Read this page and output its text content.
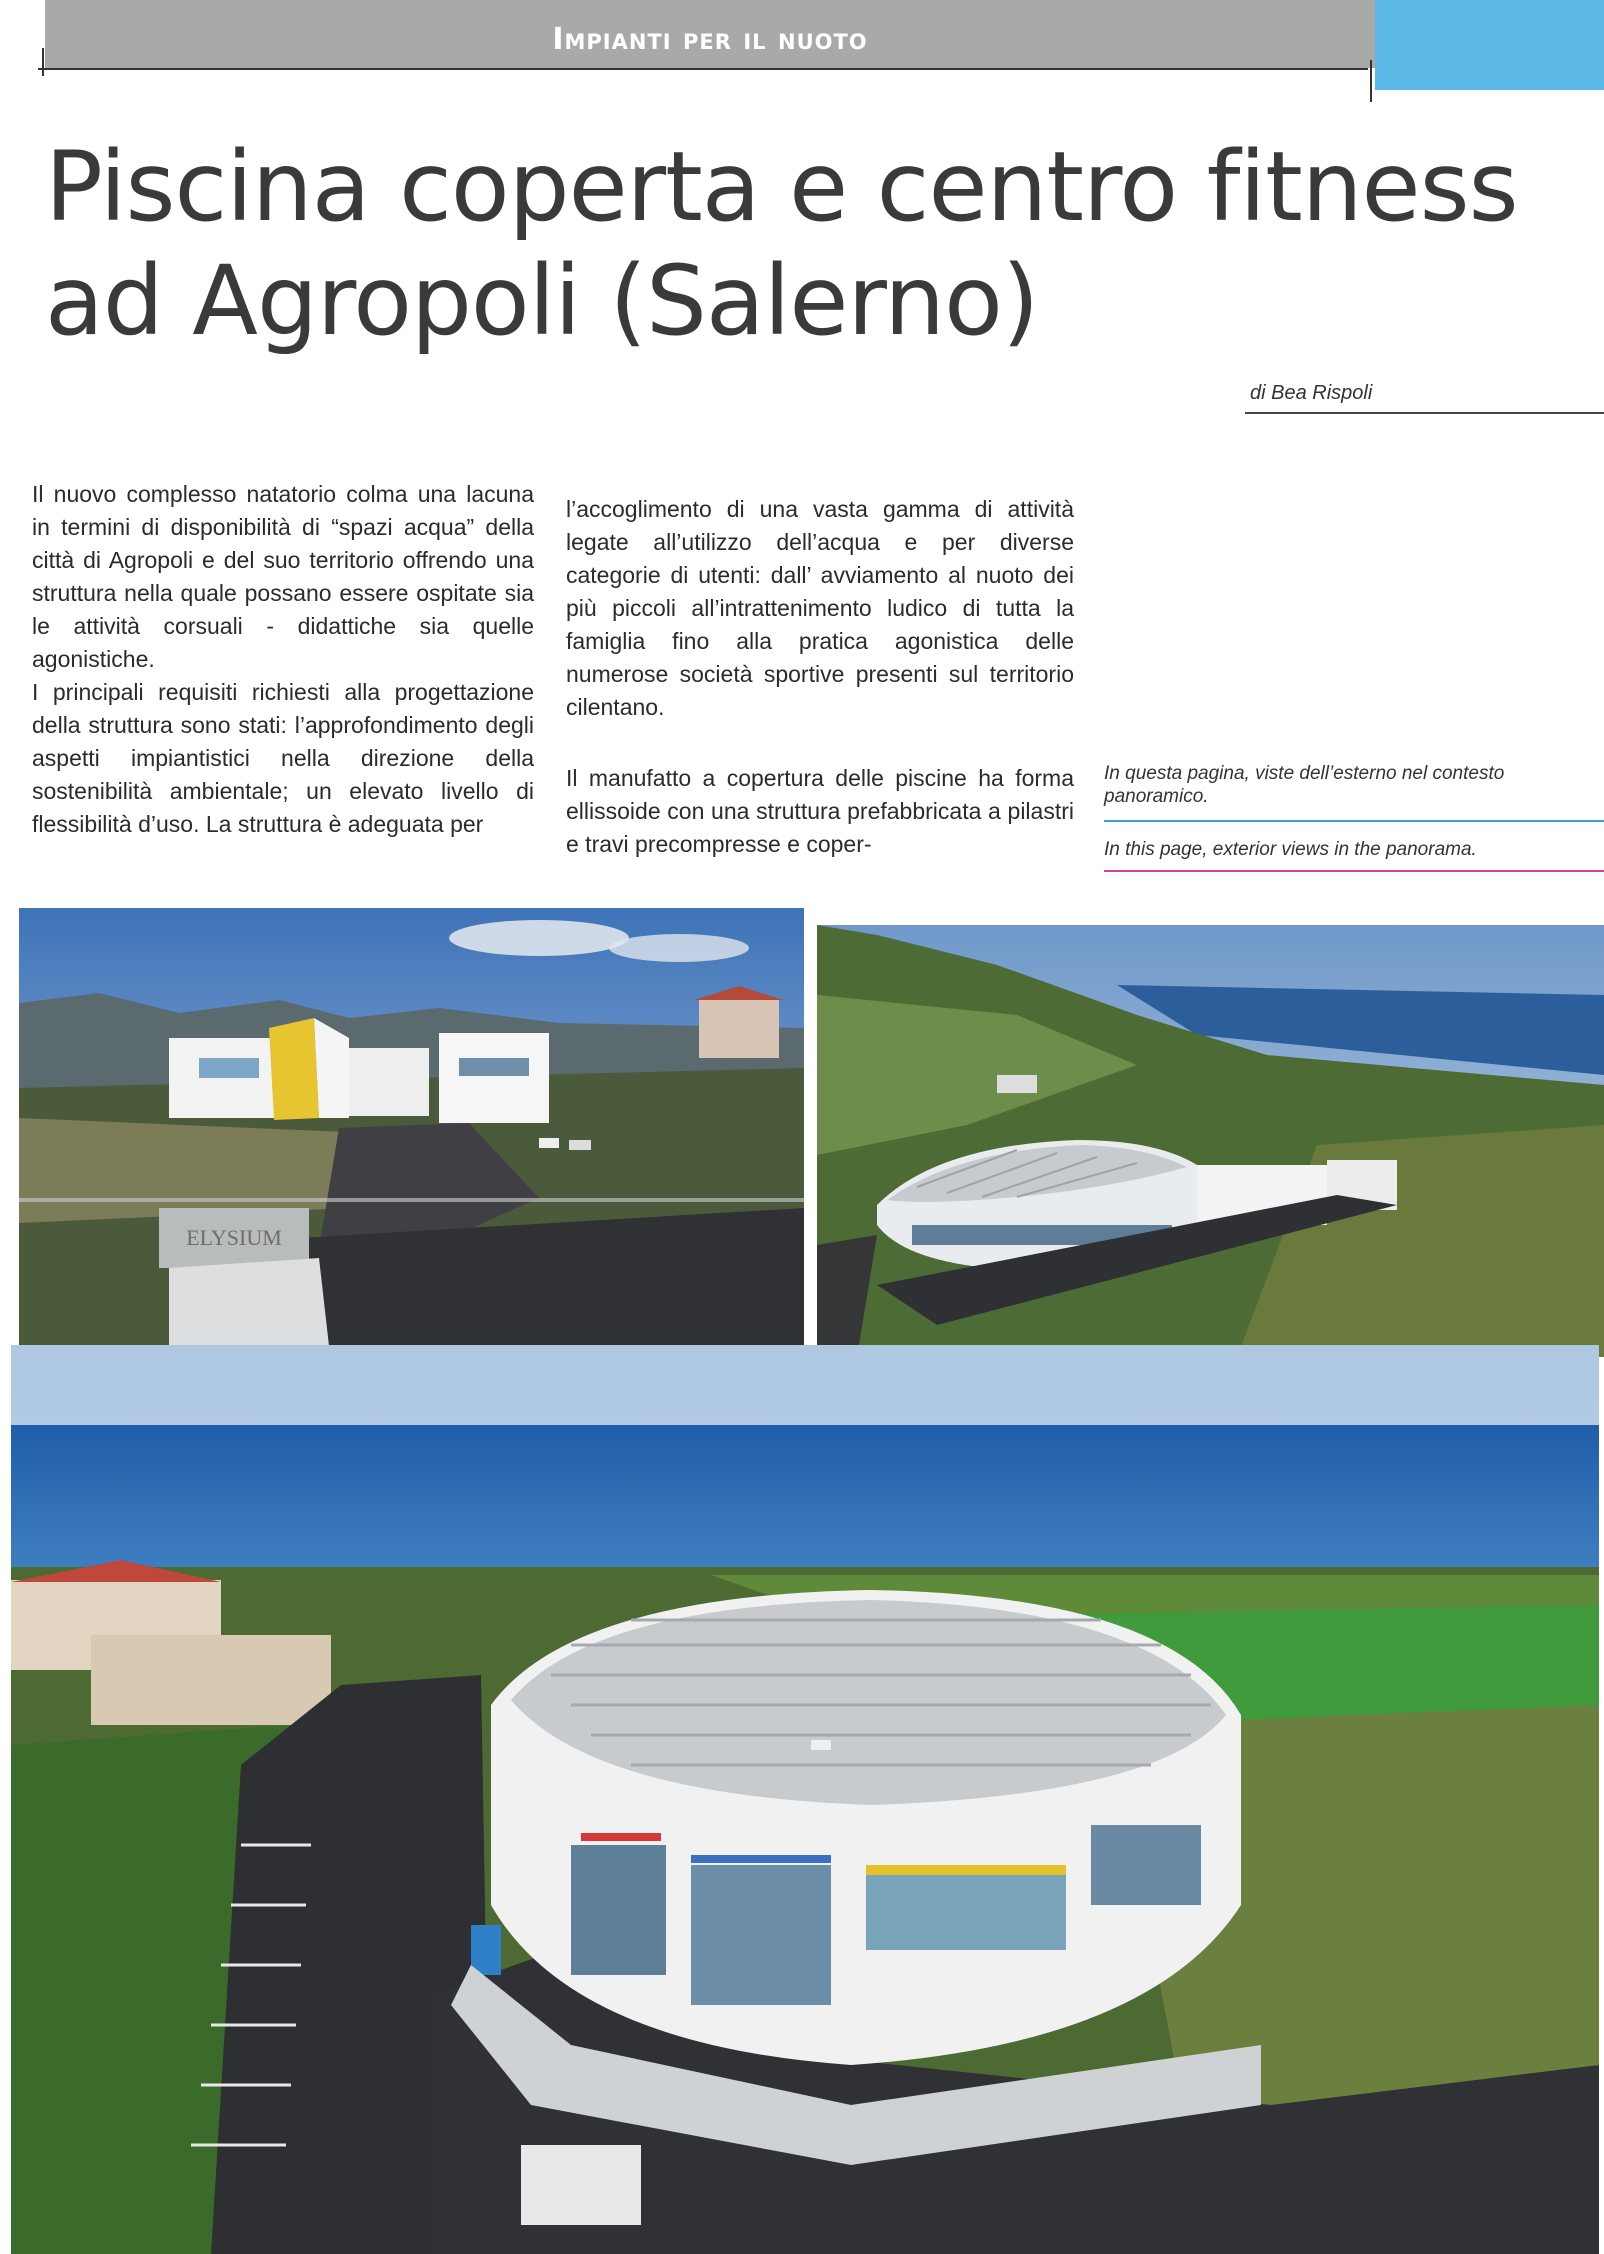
Impianti per il nuoto
Piscina coperta e centro fitness
ad Agropoli (Salerno)
di Bea Rispoli

Il nuovo complesso natatorio colma una lacuna in termini di disponibilità di “spazi acqua” della città di Agropoli e del suo territorio offrendo una struttura nella quale possano essere ospitate sia le attività corsuali - didattiche sia quelle agonistiche.

I principali requisiti richiesti alla progettazione della struttura sono stati: l’approfondimento degli aspetti impiantistici nella direzione della sostenibilità ambientale; un elevato livello di flessibilità d’uso. La struttura è adeguata per

l’accoglimento di una vasta gamma di attività legate all’utilizzo dell’acqua e per diverse categorie di utenti: dall’ avviamento al nuoto dei più piccoli all’intrattenimento ludico di tutta la famiglia fino alla pratica agonistica delle numerose società sportive presenti sul territorio cilentano.

Il manufatto a copertura delle piscine ha forma ellissoide con una struttura prefabbricata a pilastri e travi precompresse e coper-

In questa pagina, viste dell’esterno nel contesto panoramico.
In this page, exterior views in the panorama.
ELYSIUM
